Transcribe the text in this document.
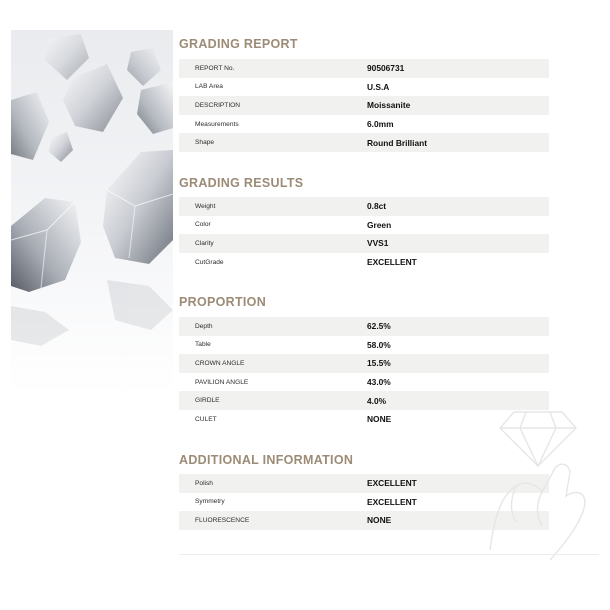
GRADING REPORT
REPORT No.	90506731
LAB Area	U.S.A
DESCRIPTION	Moissanite
Measurements	6.0mm
Shape	Round Brilliant
GRADING RESULTS
Weight	0.8ct
Color	Green
Clarity	VVS1
CutGrade	EXCELLENT
PROPORTION
Depth	62.5%
Table	58.0%
CROWN ANGLE	15.5%
PAVILION ANGLE	43.0%
GIRDLE	4.0%
CULET	NONE
ADDITIONAL INFORMATION
Polish	EXCELLENT
Symmetry	EXCELLENT
FLUORESCENCE	NONE
